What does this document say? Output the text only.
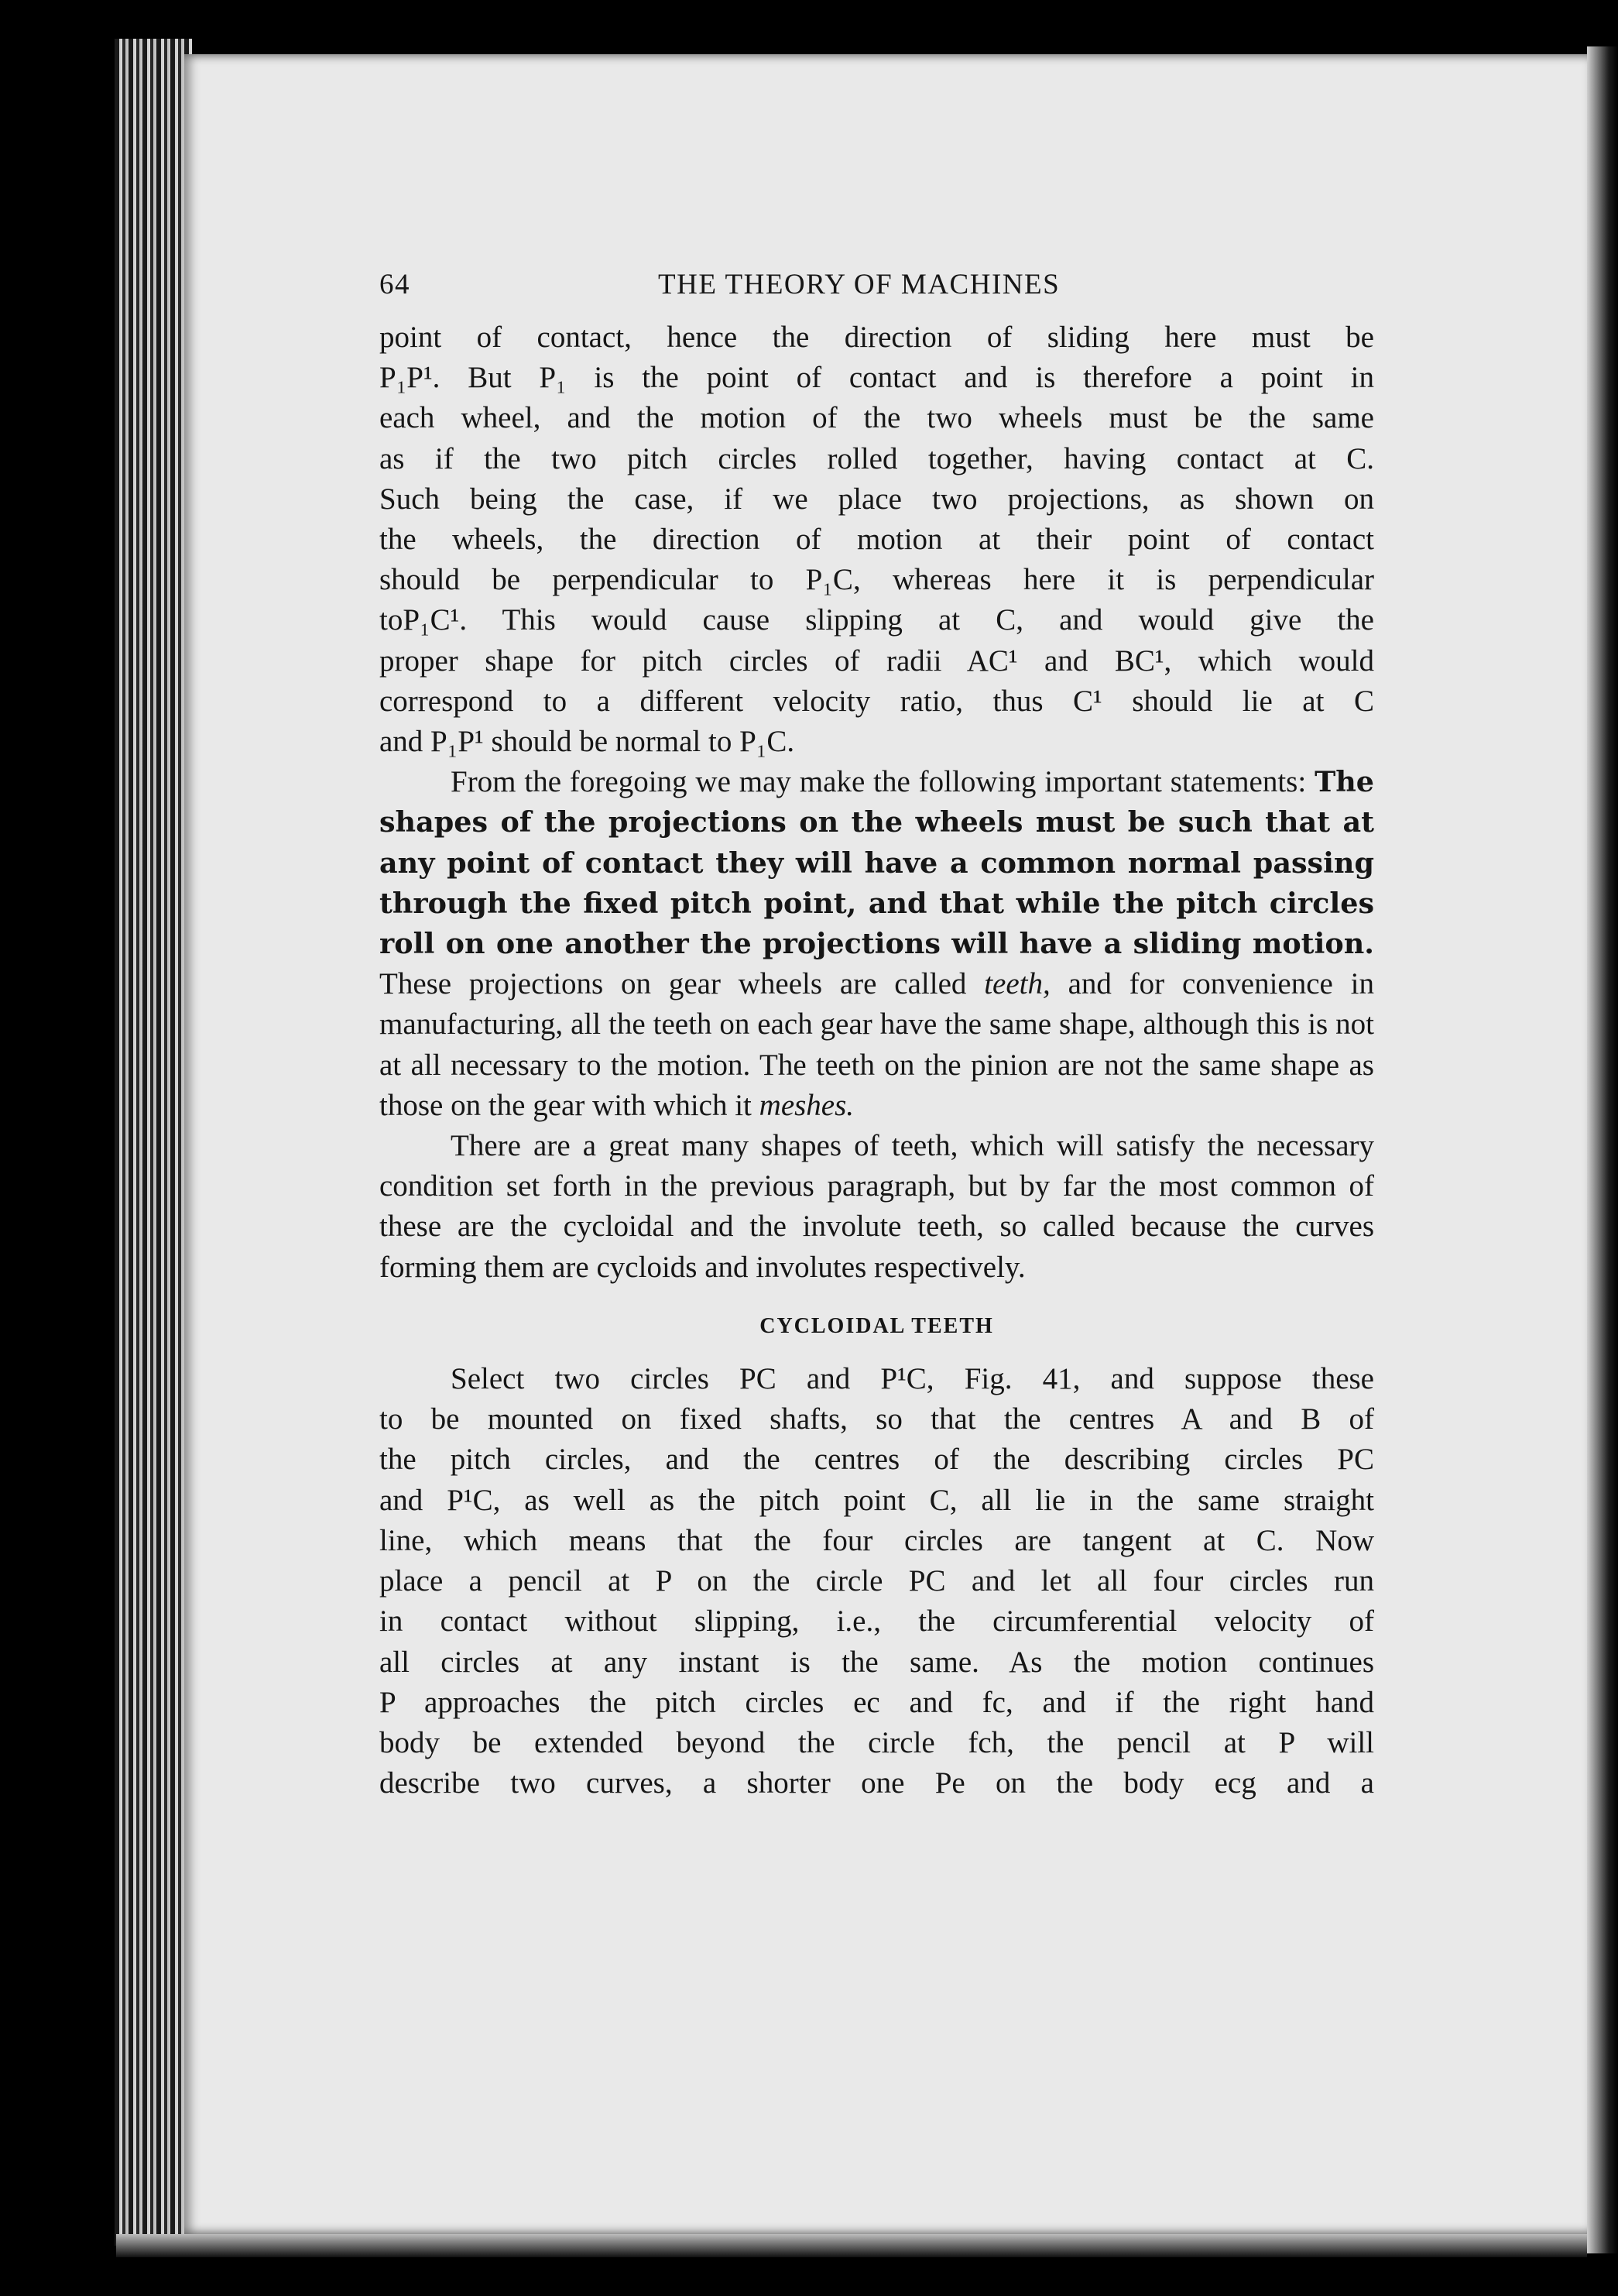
64	THE THEORY OF MACHINES

point of contact, hence the direction of sliding here must be

P₁P¹. But P₁ is the point of contact and is therefore a point in

each wheel, and the motion of the two wheels must be the same

as if the two pitch circles rolled together, having contact at C.

Such being the case, if we place two projections, as shown on

the wheels, the direction of motion at their point of contact

should be perpendicular to P₁C, whereas here it is perpendicular

toP₁C¹. This would cause slipping at C, and would give the

proper shape for pitch circles of radii AC¹ and BC¹, which would

correspond to a different velocity ratio, thus C¹ should lie at C

and P₁P¹ should be normal to P₁C.

From the foregoing we may make the following important statements: The shapes of the projections on the wheels must be such that at any point of contact they will have a common normal passing through the fixed pitch point, and that while the pitch circles roll on one another the projections will have a sliding motion. These projections on gear wheels are called teeth, and for convenience in manufacturing, all the teeth on each gear have the same shape, although this is not at all necessary to the motion. The teeth on the pinion are not the same shape as those on the gear with which it meshes.

There are a great many shapes of teeth, which will satisfy the necessary condition set forth in the previous paragraph, but by far the most common of these are the cycloidal and the involute teeth, so called because the curves forming them are cycloids and involutes respectively.

CYCLOIDAL TEETH

Select two circles PC and P¹C, Fig. 41, and suppose these

to be mounted on fixed shafts, so that the centres A and B of

the pitch circles, and the centres of the describing circles PC

and P¹C, as well as the pitch point C, all lie in the same straight

line, which means that the four circles are tangent at C. Now

place a pencil at P on the circle PC and let all four circles run

in contact without slipping, i.e., the circumferential velocity of

all circles at any instant is the same. As the motion continues

P approaches the pitch circles ec and fc, and if the right hand

body be extended beyond the circle fch, the pencil at P will

describe two curves, a shorter one Pe on the body ecg and a
